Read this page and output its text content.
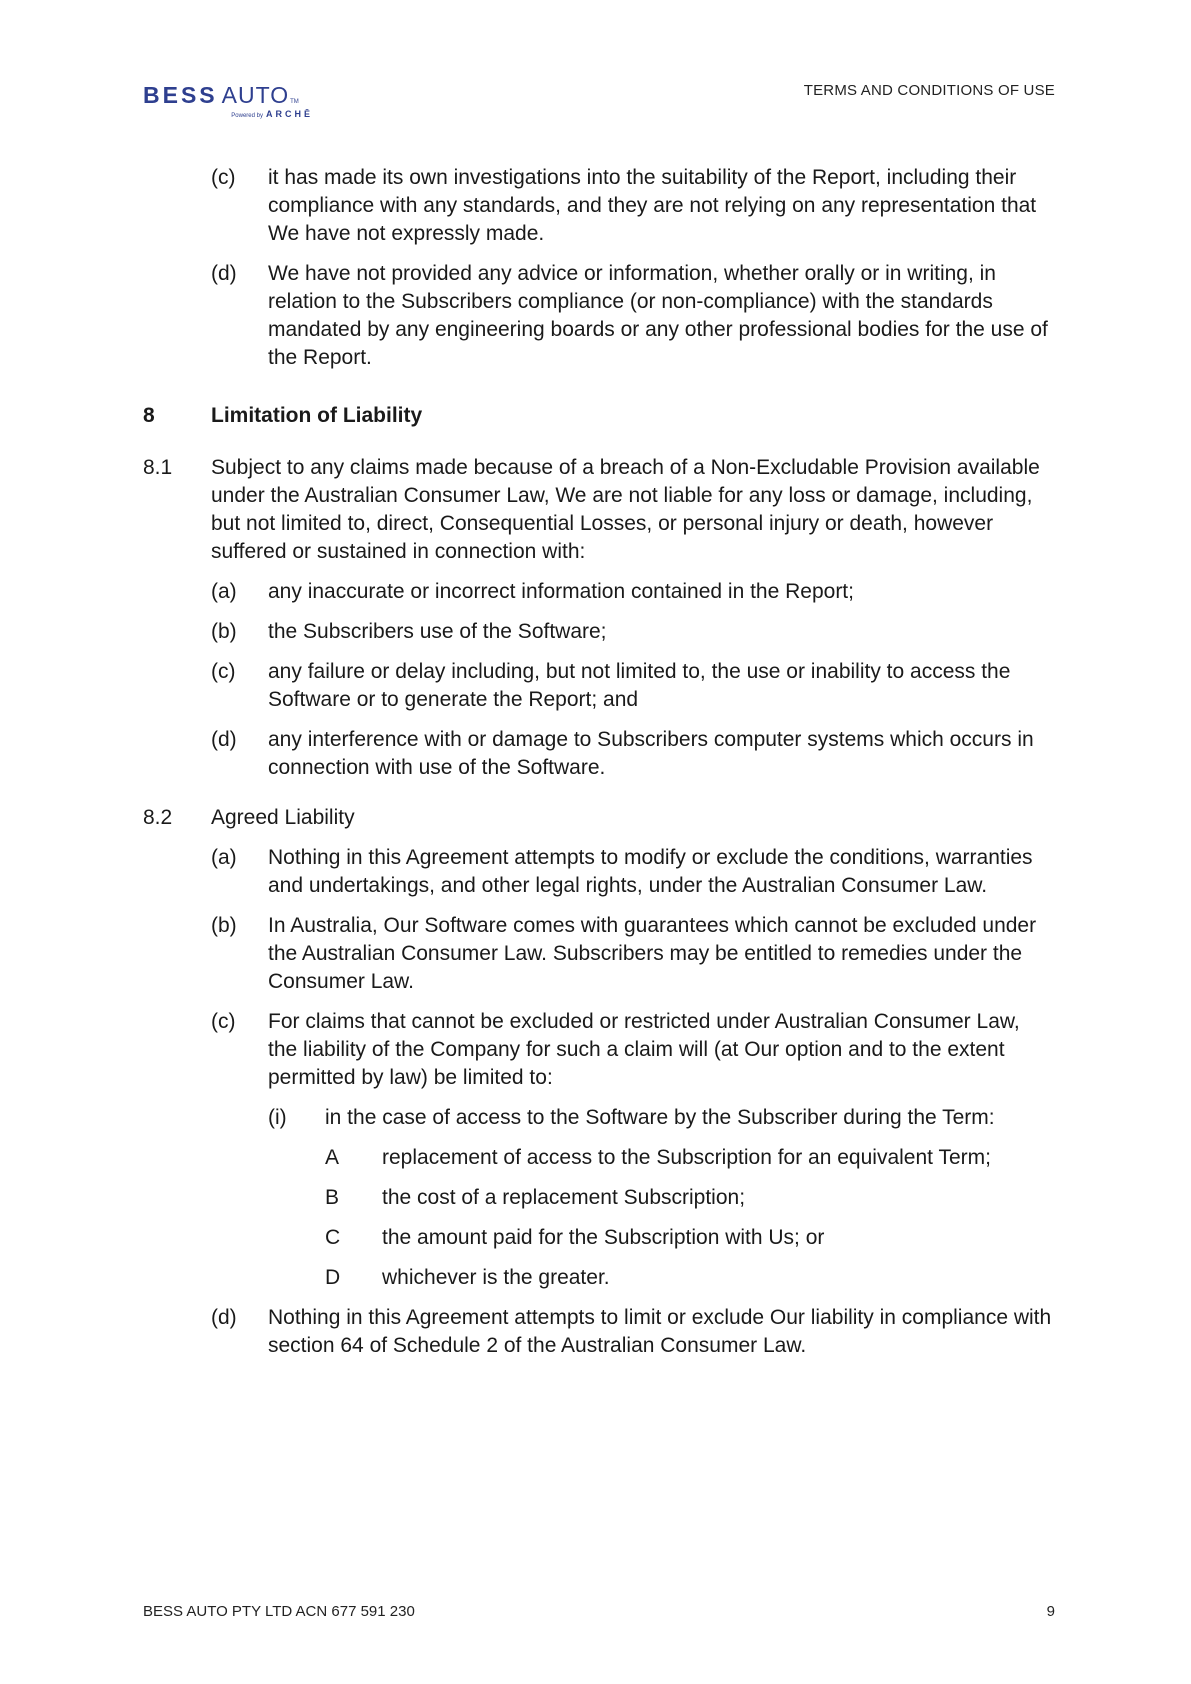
BESS AUTO TM
Powered by ARCHĒ
TERMS AND CONDITIONS OF USE
(c)	it has made its own investigations into the suitability of the Report, including their compliance with any standards, and they are not relying on any representation that We have not expressly made.
(d)	We have not provided any advice or information, whether orally or in writing, in relation to the Subscribers compliance (or non-compliance) with the standards mandated by any engineering boards or any other professional bodies for the use of the Report.
8	Limitation of Liability
8.1	Subject to any claims made because of a breach of a Non-Excludable Provision available under the Australian Consumer Law, We are not liable for any loss or damage, including, but not limited to, direct, Consequential Losses, or personal injury or death, however suffered or sustained in connection with:
(a)	any inaccurate or incorrect information contained in the Report;
(b)	the Subscribers use of the Software;
(c)	any failure or delay including, but not limited to, the use or inability to access the Software or to generate the Report; and
(d)	any interference with or damage to Subscribers computer systems which occurs in connection with use of the Software.
8.2	Agreed Liability
(a)	Nothing in this Agreement attempts to modify or exclude the conditions, warranties and undertakings, and other legal rights, under the Australian Consumer Law.
(b)	In Australia, Our Software comes with guarantees which cannot be excluded under the Australian Consumer Law. Subscribers may be entitled to remedies under the Consumer Law.
(c)	For claims that cannot be excluded or restricted under Australian Consumer Law, the liability of the Company for such a claim will (at Our option and to the extent permitted by law) be limited to:
(i)	in the case of access to the Software by the Subscriber during the Term:
A	replacement of access to the Subscription for an equivalent Term;
B	the cost of a replacement Subscription;
C	the amount paid for the Subscription with Us; or
D	whichever is the greater.
(d)	Nothing in this Agreement attempts to limit or exclude Our liability in compliance with section 64 of Schedule 2 of the Australian Consumer Law.
BESS AUTO PTY LTD ACN 677 591 230	9
